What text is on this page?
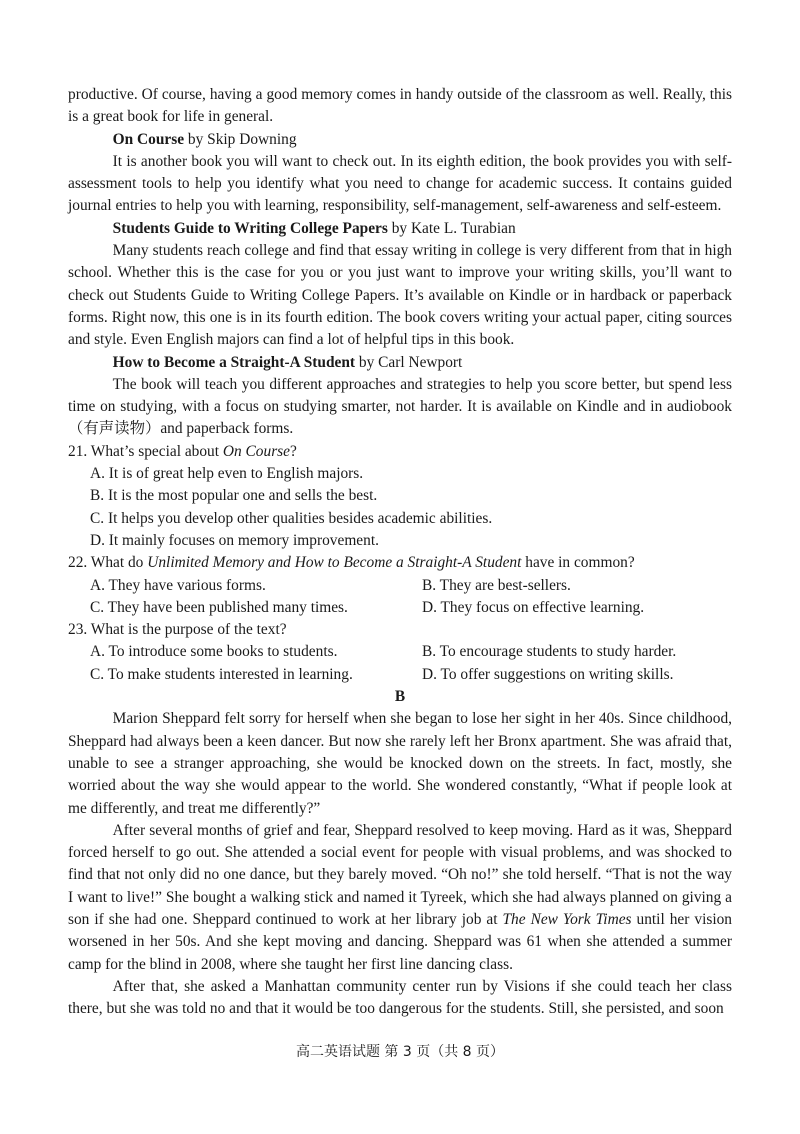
productive. Of course, having a good memory comes in handy outside of the classroom as well. Really, this is a great book for life in general.

On Course by Skip Downing

It is another book you will want to check out. In its eighth edition, the book provides you with self-assessment tools to help you identify what you need to change for academic success. It contains guided journal entries to help you with learning, responsibility, self-management, self-awareness and self-esteem.

Students Guide to Writing College Papers by Kate L. Turabian

Many students reach college and find that essay writing in college is very different from that in high school. Whether this is the case for you or you just want to improve your writing skills, you’ll want to check out Students Guide to Writing College Papers. It’s available on Kindle or in hardback or paperback forms. Right now, this one is in its fourth edition. The book covers writing your actual paper, citing sources and style. Even English majors can find a lot of helpful tips in this book.

How to Become a Straight-A Student by Carl Newport

The book will teach you different approaches and strategies to help you score better, but spend less time on studying, with a focus on studying smarter, not harder. It is available on Kindle and in audiobook（有声读物）and paperback forms.

21. What’s special about On Course?

A. It is of great help even to English majors.

B. It is the most popular one and sells the best.

C. It helps you develop other qualities besides academic abilities.

D. It mainly focuses on memory improvement.

22. What do Unlimited Memory and How to Become a Straight-A Student have in common?

A. They have various forms.	B. They are best-sellers.
C. They have been published many times.	D. They focus on effective learning.

23. What is the purpose of the text?

A. To introduce some books to students.	B. To encourage students to study harder.
C. To make students interested in learning.	D. To offer suggestions on writing skills.

B

Marion Sheppard felt sorry for herself when she began to lose her sight in her 40s. Since childhood, Sheppard had always been a keen dancer. But now she rarely left her Bronx apartment. She was afraid that, unable to see a stranger approaching, she would be knocked down on the streets. In fact, mostly, she worried about the way she would appear to the world. She wondered constantly, “What if people look at me differently, and treat me differently?”

After several months of grief and fear, Sheppard resolved to keep moving. Hard as it was, Sheppard forced herself to go out. She attended a social event for people with visual problems, and was shocked to find that not only did no one dance, but they barely moved. “Oh no!” she told herself. “That is not the way I want to live!” She bought a walking stick and named it Tyreek, which she had always planned on giving a son if she had one. Sheppard continued to work at her library job at The New York Times until her vision worsened in her 50s. And she kept moving and dancing. Sheppard was 61 when she attended a summer camp for the blind in 2008, where she taught her first line dancing class.

After that, she asked a Manhattan community center run by Visions if she could teach her class there, but she was told no and that it would be too dangerous for the students. Still, she persisted, and soon

高二英语试题 第 3 页（共 8 页）
